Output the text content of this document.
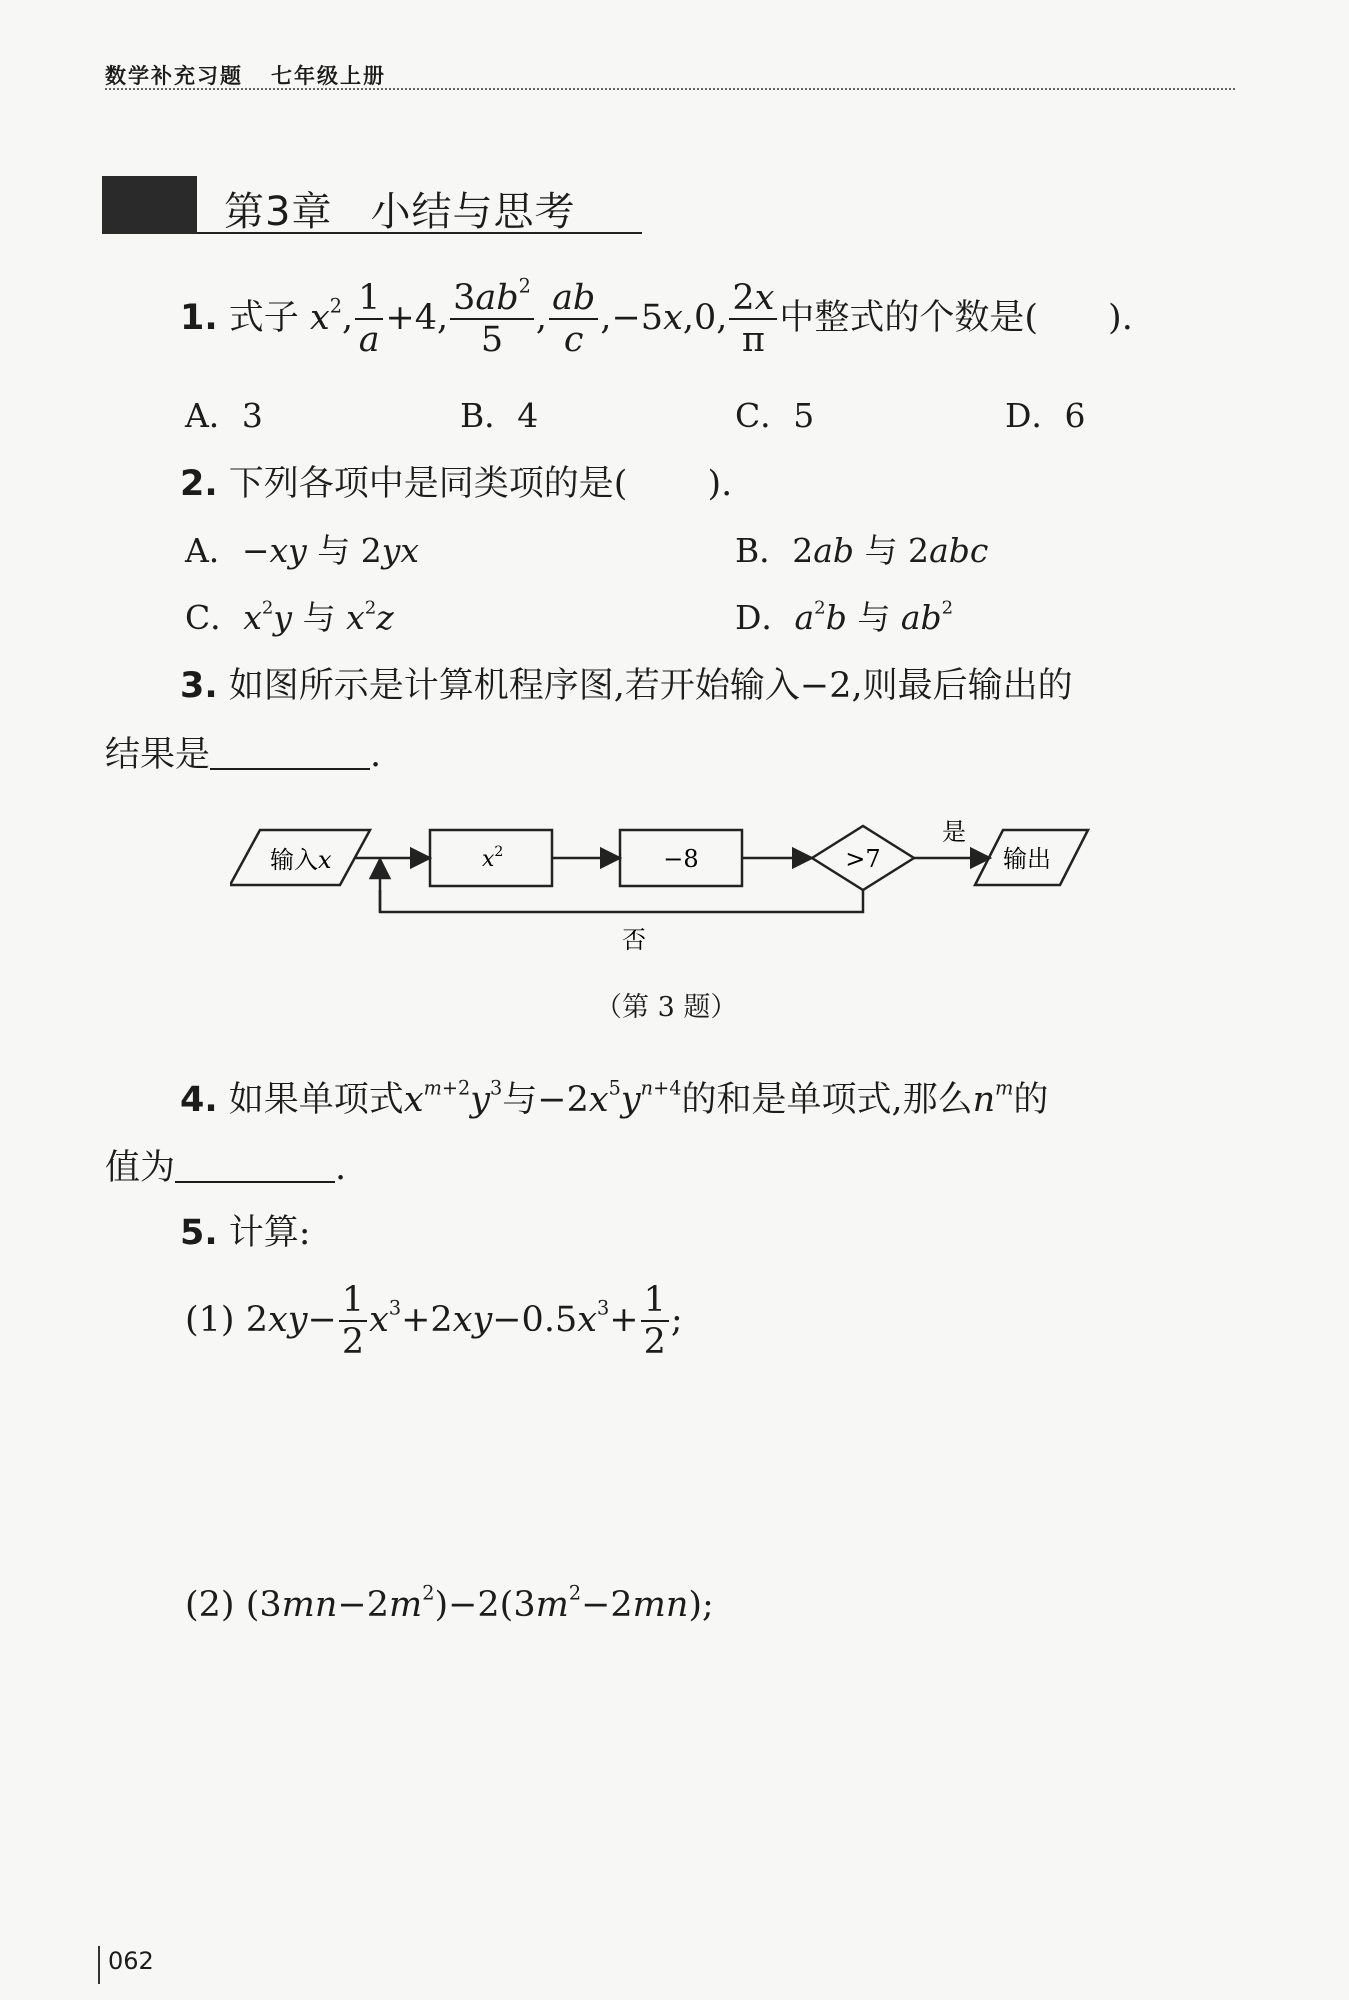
数学补充习题 七年级上册
第3章 小结与思考
1. 式子 $x^2$, $\frac{1}{a} +4$, $\frac{3ab^2}{5}$ , $\frac{ab}{c} ,-5x,0$, $\frac{2x}{\pi}$ 中整式的个数是( ).
A．3	B．4	C．5	D．6
2. 下列各项中是同类项的是( ).
A．−xy 与 2yx	B．2ab 与 2abc
C．$x^2y$ 与 $x^2z$	D．$a^2b$ 与 $ab^2$
3. 如图所示是计算机程序图,若开始输入−2,则最后输出的
结果是	.
输入x	$x^2$	−8	>7
是
输出
否
（第 3 题）
4. 如果单项式$x^{m+2}y^3$与$-2x^5y^{n+4}$的和是单项式,那么$n^m$的
值为	.
5. 计算:
(1) $2xy- \frac{1}{2} x^3+2xy-0.5x^3+ \frac{1}{2}$ ;
(2) $(3mn-2m^2)-2(3m^2-2mn)$;
062
